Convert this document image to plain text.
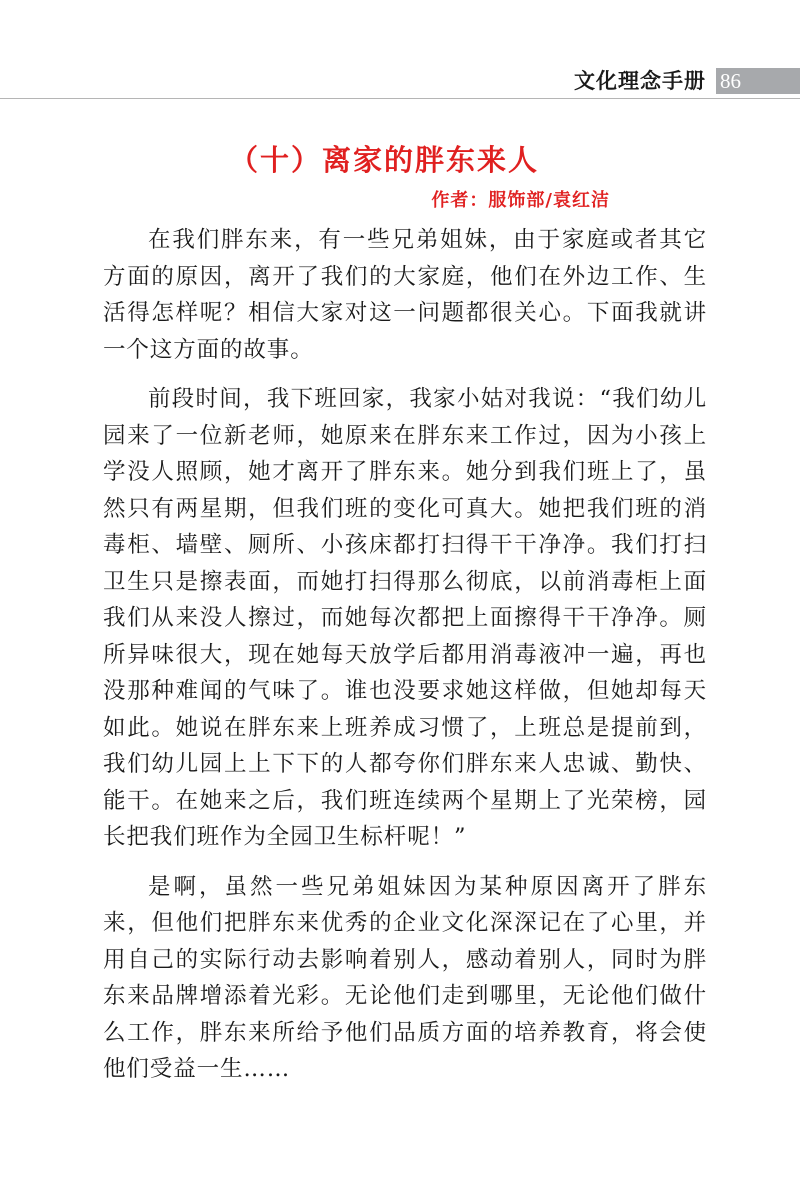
文化理念手册 86
（十）离家的胖东来人
作者：服饰部/袁红洁

在我们胖东来，有一些兄弟姐妹，由于家庭或者其它方面的原因，离开了我们的大家庭，他们在外边工作、生活得怎样呢？相信大家对这一问题都很关心。下面我就讲一个这方面的故事。

前段时间，我下班回家，我家小姑对我说：“我们幼儿园来了一位新老师，她原来在胖东来工作过，因为小孩上学没人照顾，她才离开了胖东来。她分到我们班上了，虽然只有两星期，但我们班的变化可真大。她把我们班的消毒柜、墙壁、厕所、小孩床都打扫得干干净净。我们打扫卫生只是擦表面，而她打扫得那么彻底，以前消毒柜上面我们从来没人擦过，而她每次都把上面擦得干干净净。厕所异味很大，现在她每天放学后都用消毒液冲一遍，再也没那种难闻的气味了。谁也没要求她这样做，但她却每天如此。她说在胖东来上班养成习惯了，上班总是提前到，我们幼儿园上上下下的人都夸你们胖东来人忠诚、勤快、能干。在她来之后，我们班连续两个星期上了光荣榜，园长把我们班作为全园卫生标杆呢！”

是啊，虽然一些兄弟姐妹因为某种原因离开了胖东来，但他们把胖东来优秀的企业文化深深记在了心里，并用自己的实际行动去影响着别人，感动着别人，同时为胖东来品牌增添着光彩。无论他们走到哪里，无论他们做什么工作，胖东来所给予他们品质方面的培养教育，将会使他们受益一生……
